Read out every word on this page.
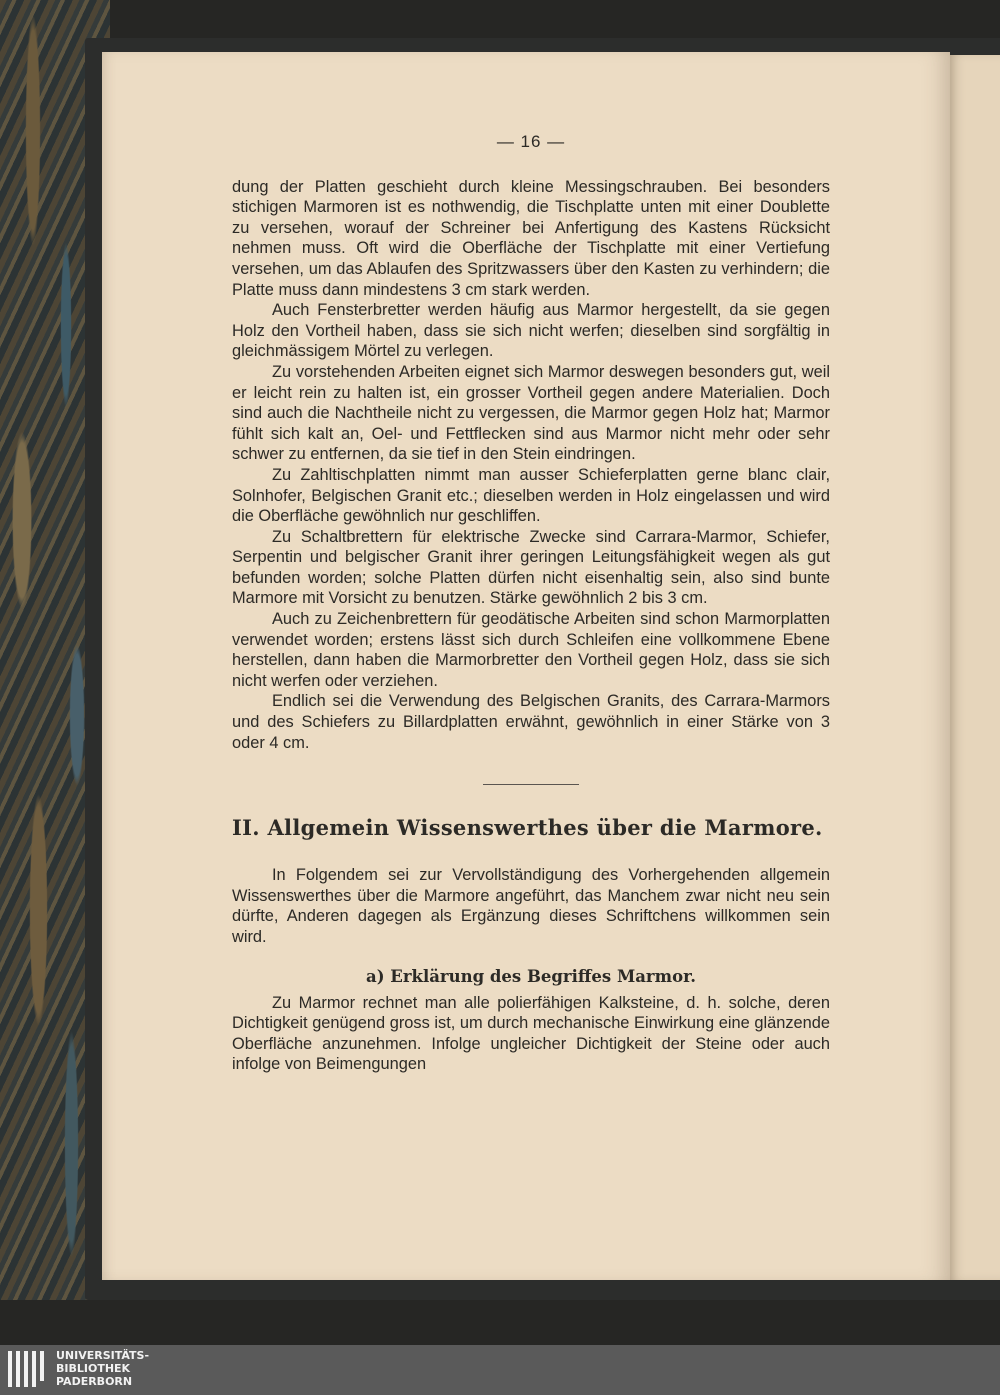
— 16 —

dung der Platten geschieht durch kleine Messingschrauben. Bei besonders stichigen Marmoren ist es nothwendig, die Tischplatte unten mit einer Doublette zu versehen, worauf der Schreiner bei Anfertigung des Kastens Rücksicht nehmen muss. Oft wird die Oberfläche der Tischplatte mit einer Vertiefung versehen, um das Ablaufen des Spritzwassers über den Kasten zu verhindern; die Platte muss dann mindestens 3 cm stark werden.

Auch Fensterbretter werden häufig aus Marmor hergestellt, da sie gegen Holz den Vortheil haben, dass sie sich nicht werfen; dieselben sind sorgfältig in gleichmässigem Mörtel zu verlegen.

Zu vorstehenden Arbeiten eignet sich Marmor deswegen besonders gut, weil er leicht rein zu halten ist, ein grosser Vortheil gegen andere Materialien. Doch sind auch die Nachtheile nicht zu vergessen, die Marmor gegen Holz hat; Marmor fühlt sich kalt an, Oel- und Fettflecken sind aus Marmor nicht mehr oder sehr schwer zu entfernen, da sie tief in den Stein eindringen.

Zu Zahltischplatten nimmt man ausser Schieferplatten gerne blanc clair, Solnhofer, Belgischen Granit etc.; dieselben werden in Holz eingelassen und wird die Oberfläche gewöhnlich nur geschliffen.

Zu Schaltbrettern für elektrische Zwecke sind Carrara-Marmor, Schiefer, Serpentin und belgischer Granit ihrer geringen Leitungsfähigkeit wegen als gut befunden worden; solche Platten dürfen nicht eisenhaltig sein, also sind bunte Marmore mit Vorsicht zu benutzen. Stärke gewöhnlich 2 bis 3 cm.

Auch zu Zeichenbrettern für geodätische Arbeiten sind schon Marmorplatten verwendet worden; erstens lässt sich durch Schleifen eine vollkommene Ebene herstellen, dann haben die Marmorbretter den Vortheil gegen Holz, dass sie sich nicht werfen oder verziehen.

Endlich sei die Verwendung des Belgischen Granits, des Carrara-Marmors und des Schiefers zu Billardplatten erwähnt, gewöhnlich in einer Stärke von 3 oder 4 cm.

II. Allgemein Wissenswerthes über die Marmore.

In Folgendem sei zur Vervollständigung des Vorhergehenden allgemein Wissenswerthes über die Marmore angeführt, das Manchem zwar nicht neu sein dürfte, Anderen dagegen als Ergänzung dieses Schriftchens willkommen sein wird.

a) Erklärung des Begriffes Marmor.

Zu Marmor rechnet man alle polierfähigen Kalksteine, d. h. solche, deren Dichtigkeit genügend gross ist, um durch mechanische Einwirkung eine glänzende Oberfläche anzunehmen. Infolge ungleicher Dichtigkeit der Steine oder auch infolge von Beimengungen

UNIVERSITÄTS-
BIBLIOTHEK
PADERBORN
